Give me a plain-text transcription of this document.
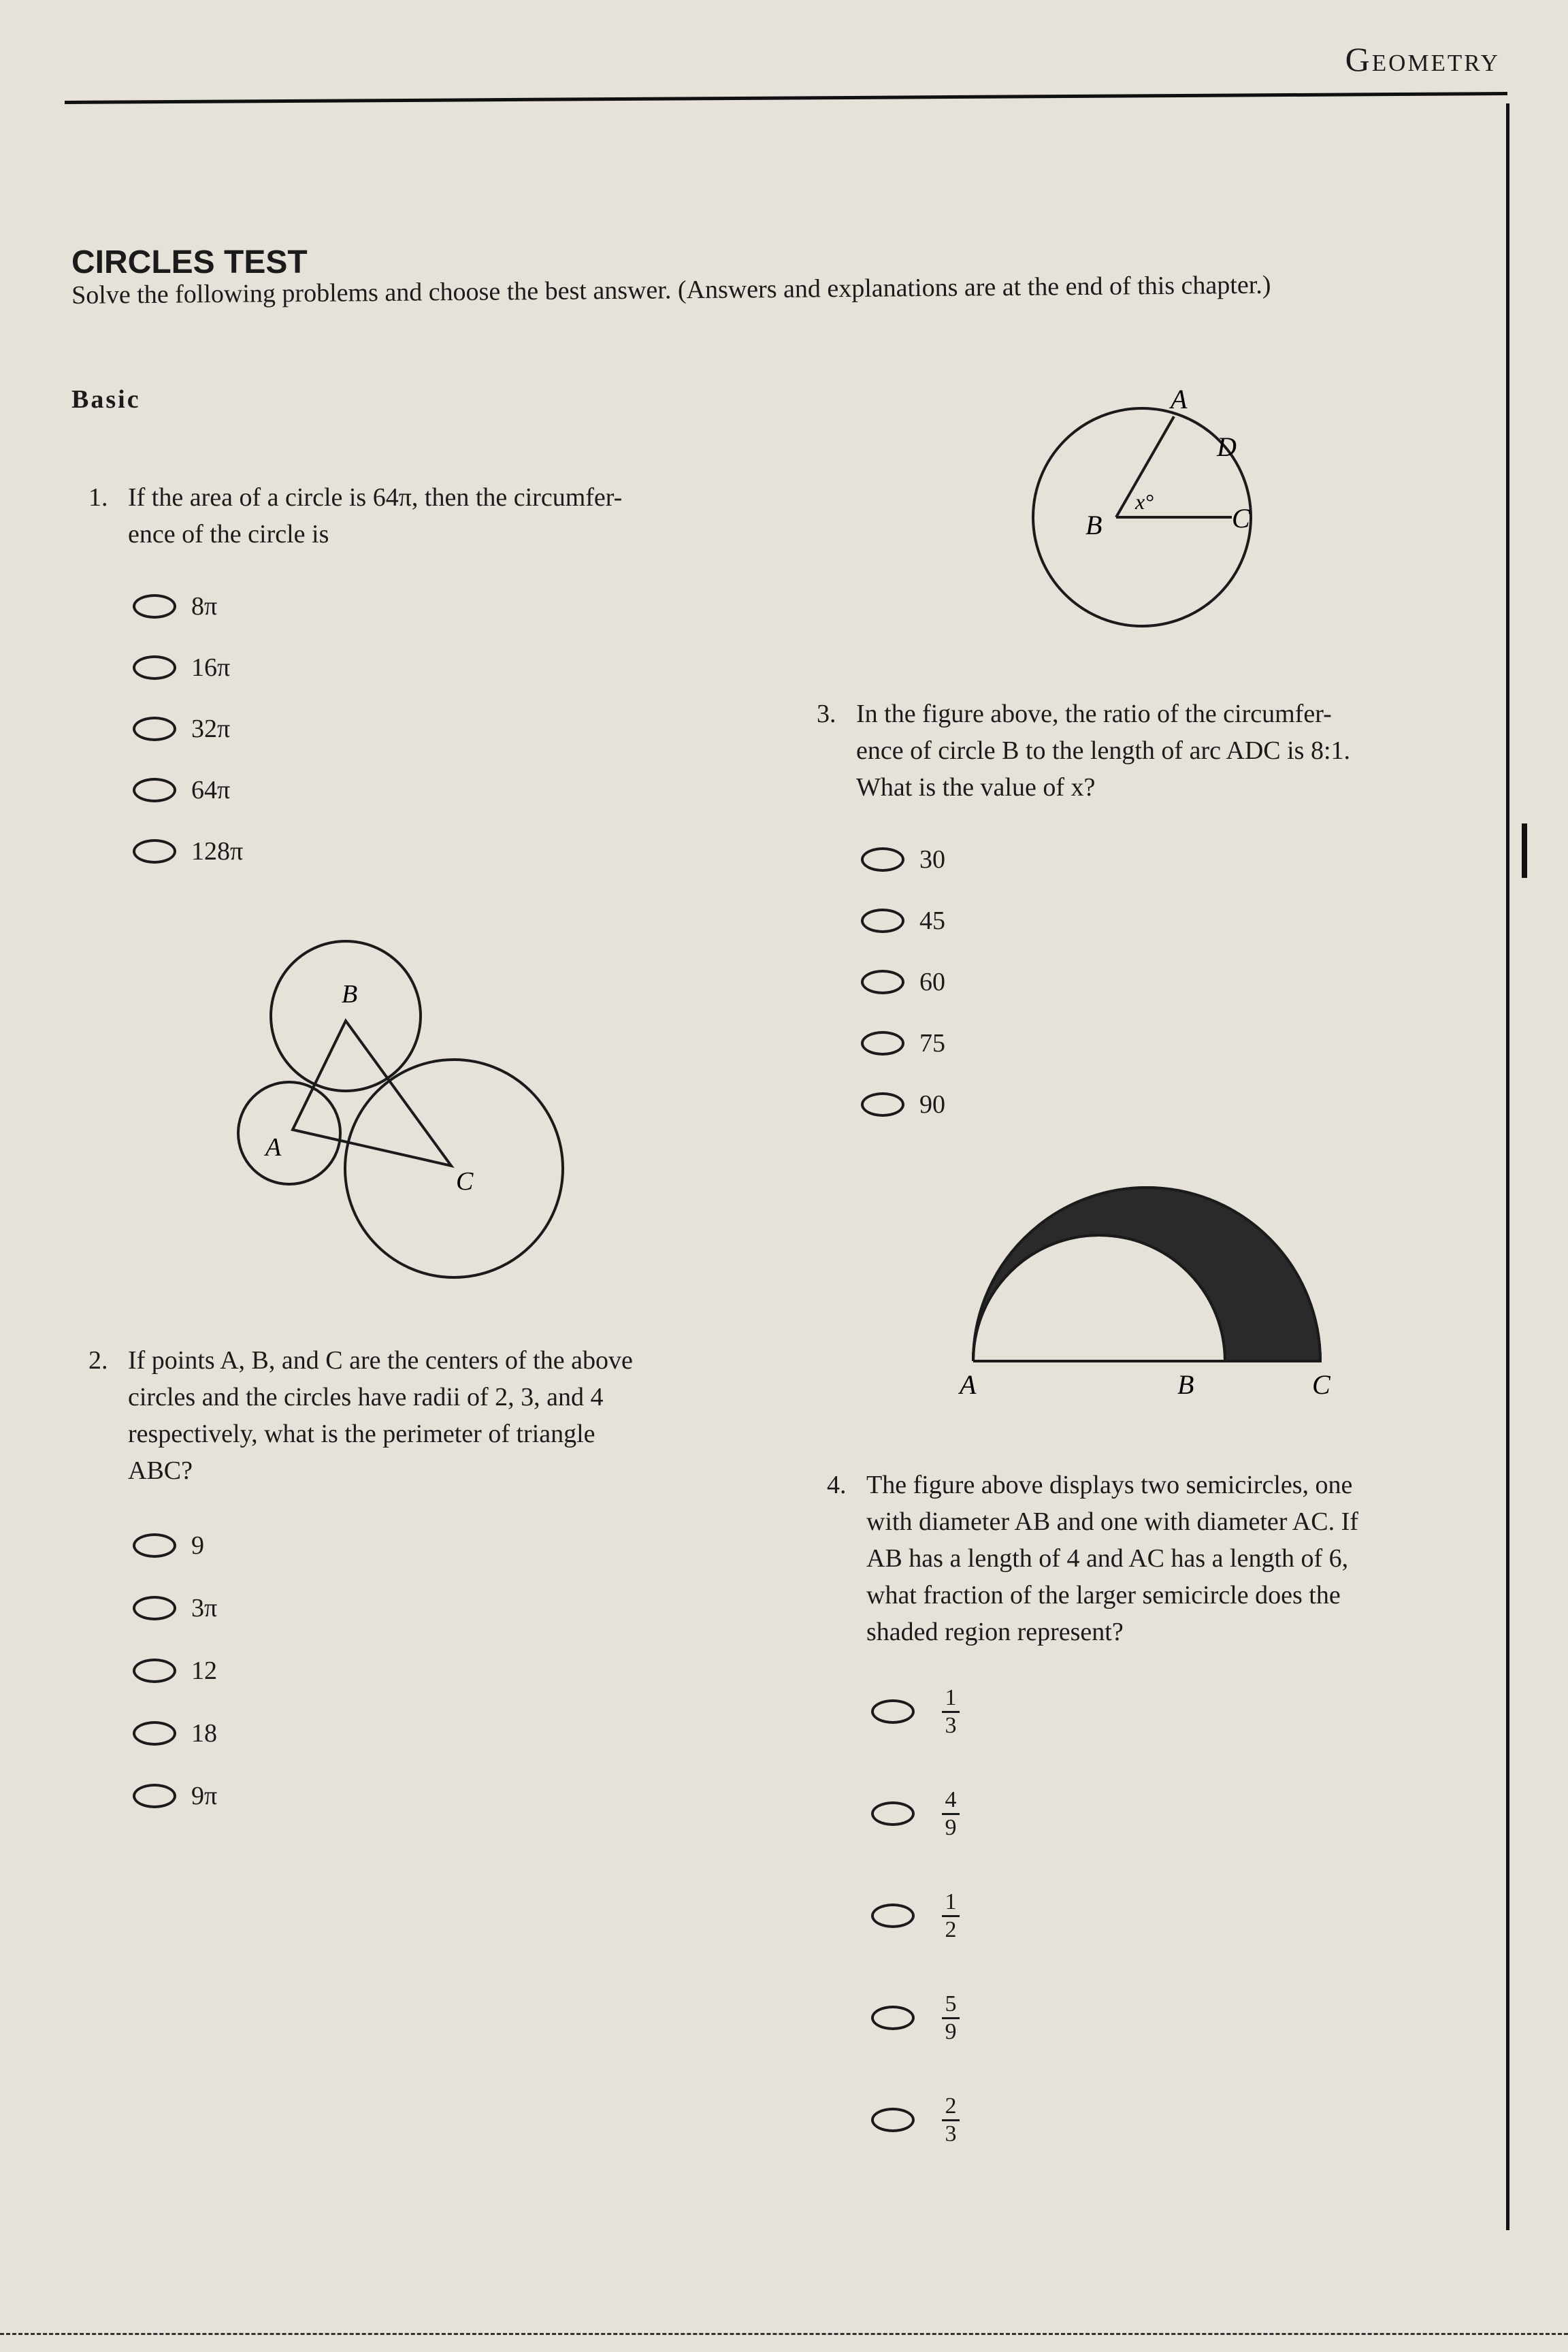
Geometry
CIRCLES TEST
Solve the following problems and choose the best answer. (Answers and explanations are at the end of this chapter.)
Basic
1. If the area of a circle is 64π, then the circumfer-
ence of the circle is
8π
16π
32π
64π
128π
B
A
C
2. If points A, B, and C are the centers of the above
circles and the circles have radii of 2, 3, and 4
respectively, what is the perimeter of triangle
ABC?
9
3π
12
18
9π
A
D
C
B
x°
3. In the figure above, the ratio of the circumfer-
ence of circle B to the length of arc ADC is 8:1.
What is the value of x?
30
45
60
75
90
A	B	C
4. The figure above displays two semicircles, one
with diameter AB and one with diameter AC. If
AB has a length of 4 and AC has a length of 6,
what fraction of the larger semicircle does the
shaded region represent?
$\frac{1}{3}$
$\frac{4}{9}$
$\frac{1}{2}$
$\frac{5}{9}$
$\frac{2}{3}$
